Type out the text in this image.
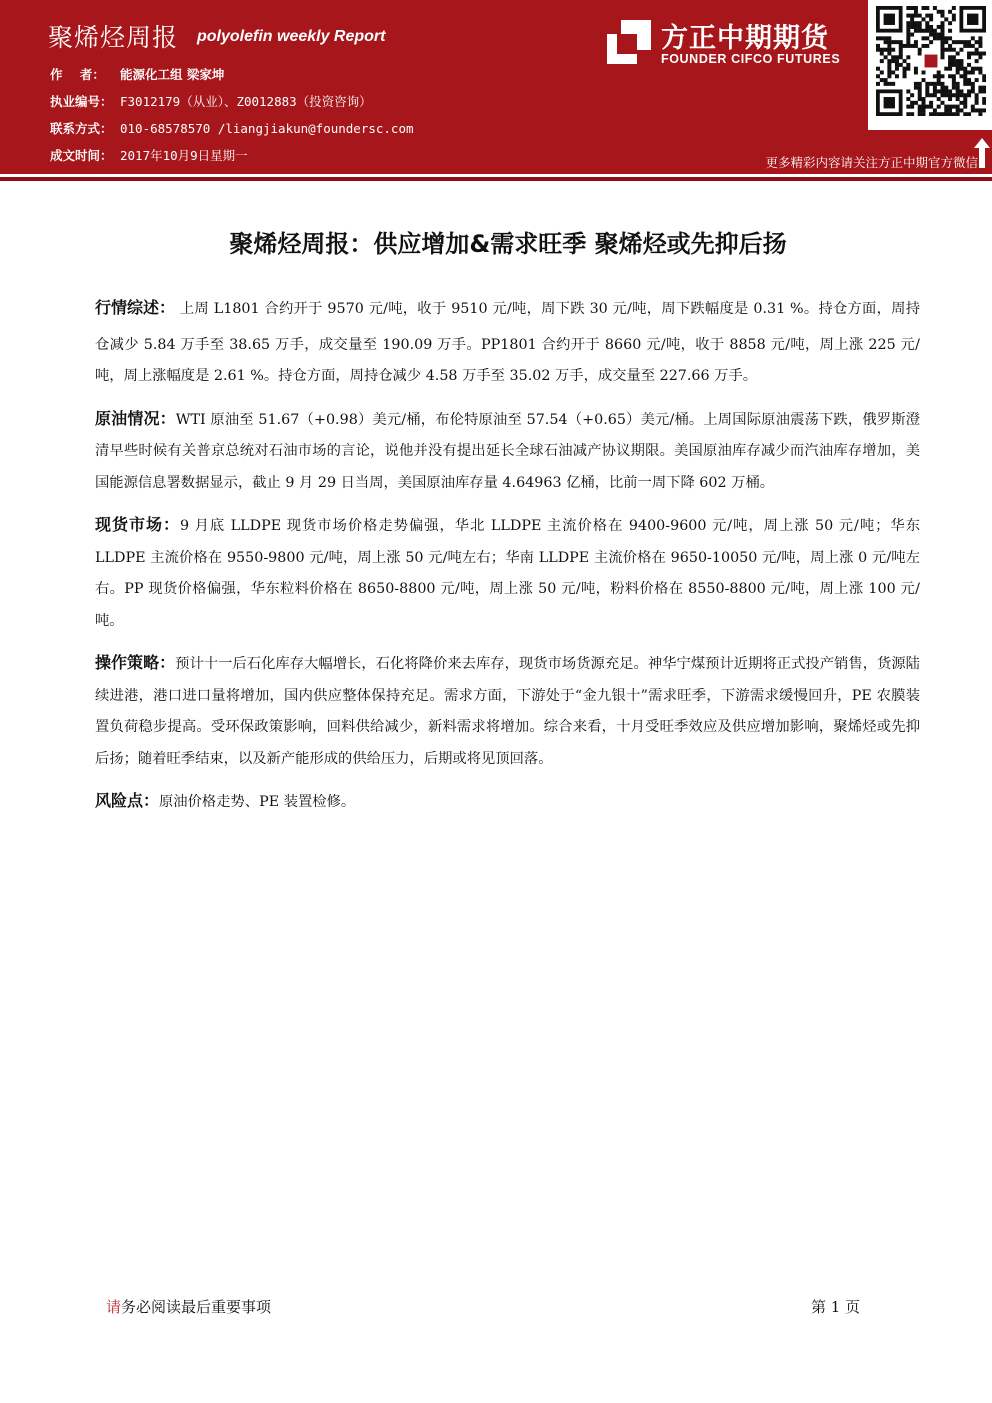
聚烯烃周报 polyolefin weekly Report
作    者： 能源化工组 梁家坤
执业编号： F3012179（从业）、Z0012883（投资咨询）
联系方式： 010-68578570 /liangjiakun@foundersc.com
成文时间： 2017年10月9日星期一
方正中期期货
FOUNDER CIFCO FUTURES
更多精彩内容请关注方正中期官方微信
聚烯烃周报：供应增加&需求旺季 聚烯烃或先抑后扬

行情综述： 上周 L1801 合约开于 9570 元/吨，收于 9510 元/吨，周下跌 30 元/吨，周下跌幅度是 0.31 %。持仓方面，周持仓减少 5.84 万手至 38.65 万手，成交量至 190.09 万手。PP1801 合约开于 8660 元/吨，收于 8858 元/吨，周上涨 225 元/吨，周上涨幅度是 2.61 %。持仓方面，周持仓减少 4.58 万手至 35.02 万手，成交量至 227.66 万手。

原油情况：WTI 原油至 51.67（+0.98）美元/桶，布伦特原油至 57.54（+0.65）美元/桶。上周国际原油震荡下跌，俄罗斯澄清早些时候有关普京总统对石油市场的言论，说他并没有提出延长全球石油减产协议期限。美国原油库存减少而汽油库存增加，美国能源信息署数据显示，截止 9 月 29 日当周，美国原油库存量 4.64963 亿桶，比前一周下降 602 万桶。

现货市场：9 月底 LLDPE 现货市场价格走势偏强，华北 LLDPE 主流价格在 9400-9600 元/吨，周上涨 50 元/吨；华东 LLDPE 主流价格在 9550-9800 元/吨，周上涨 50 元/吨左右；华南 LLDPE 主流价格在 9650-10050 元/吨，周上涨 0 元/吨左右。PP 现货价格偏强，华东粒料价格在 8650-8800 元/吨，周上涨 50 元/吨，粉料价格在 8550-8800 元/吨，周上涨 100 元/吨。

操作策略：预计十一后石化库存大幅增长，石化将降价来去库存，现货市场货源充足。神华宁煤预计近期将正式投产销售，货源陆续进港，港口进口量将增加，国内供应整体保持充足。需求方面，下游处于“金九银十”需求旺季，下游需求缓慢回升，PE 农膜装置负荷稳步提高。受环保政策影响，回料供给减少，新料需求将增加。综合来看，十月受旺季效应及供应增加影响，聚烯烃或先抑后扬；随着旺季结束，以及新产能形成的供给压力，后期或将见顶回落。

风险点：原油价格走势、PE 装置检修。

请务必阅读最后重要事项	第 1 页
